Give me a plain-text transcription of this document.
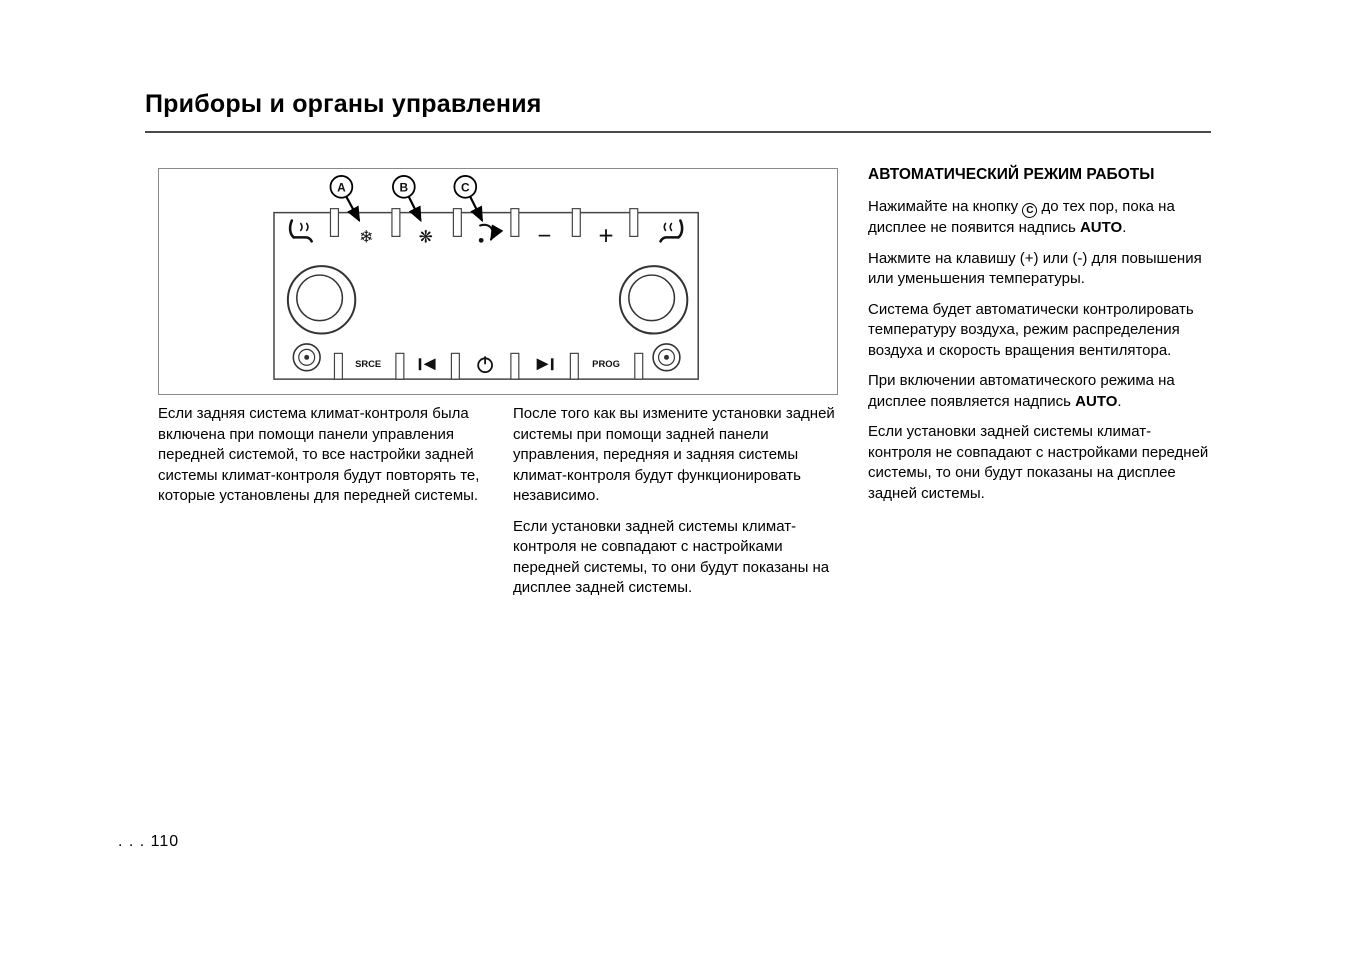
Приборы и органы управления
❄	❋	− +
SRCE	PROG
A	B	C

Если задняя система климат-контроля была включена при помощи панели управления передней системой, то все настройки задней системы климат-контроля будут повторять те, которые установлены для передней системы.

После того как вы измените установки задней системы при помощи задней панели управления, передняя и задняя системы климат-контроля будут функционировать независимо.

Если установки задней системы климат-контроля не совпадают с настройками передней системы, то они будут показаны на дисплее задней системы.

АВТОМАТИЧЕСКИЙ РЕЖИМ РАБОТЫ

Нажимайте на кнопку C до тех пор, пока на дисплее не появится надпись AUTO.

Нажмите на клавишу (+) или (-) для повышения или уменьшения температуры.

Система будет автоматически контролировать температуру воздуха, режим распределения воздуха и скорость вращения вентилятора.

При включении автоматического режима на дисплее появляется надпись AUTO.

Если установки задней системы климат-контроля не совпадают с настройками передней системы, то они будут показаны на дисплее задней системы.

. . . 110
